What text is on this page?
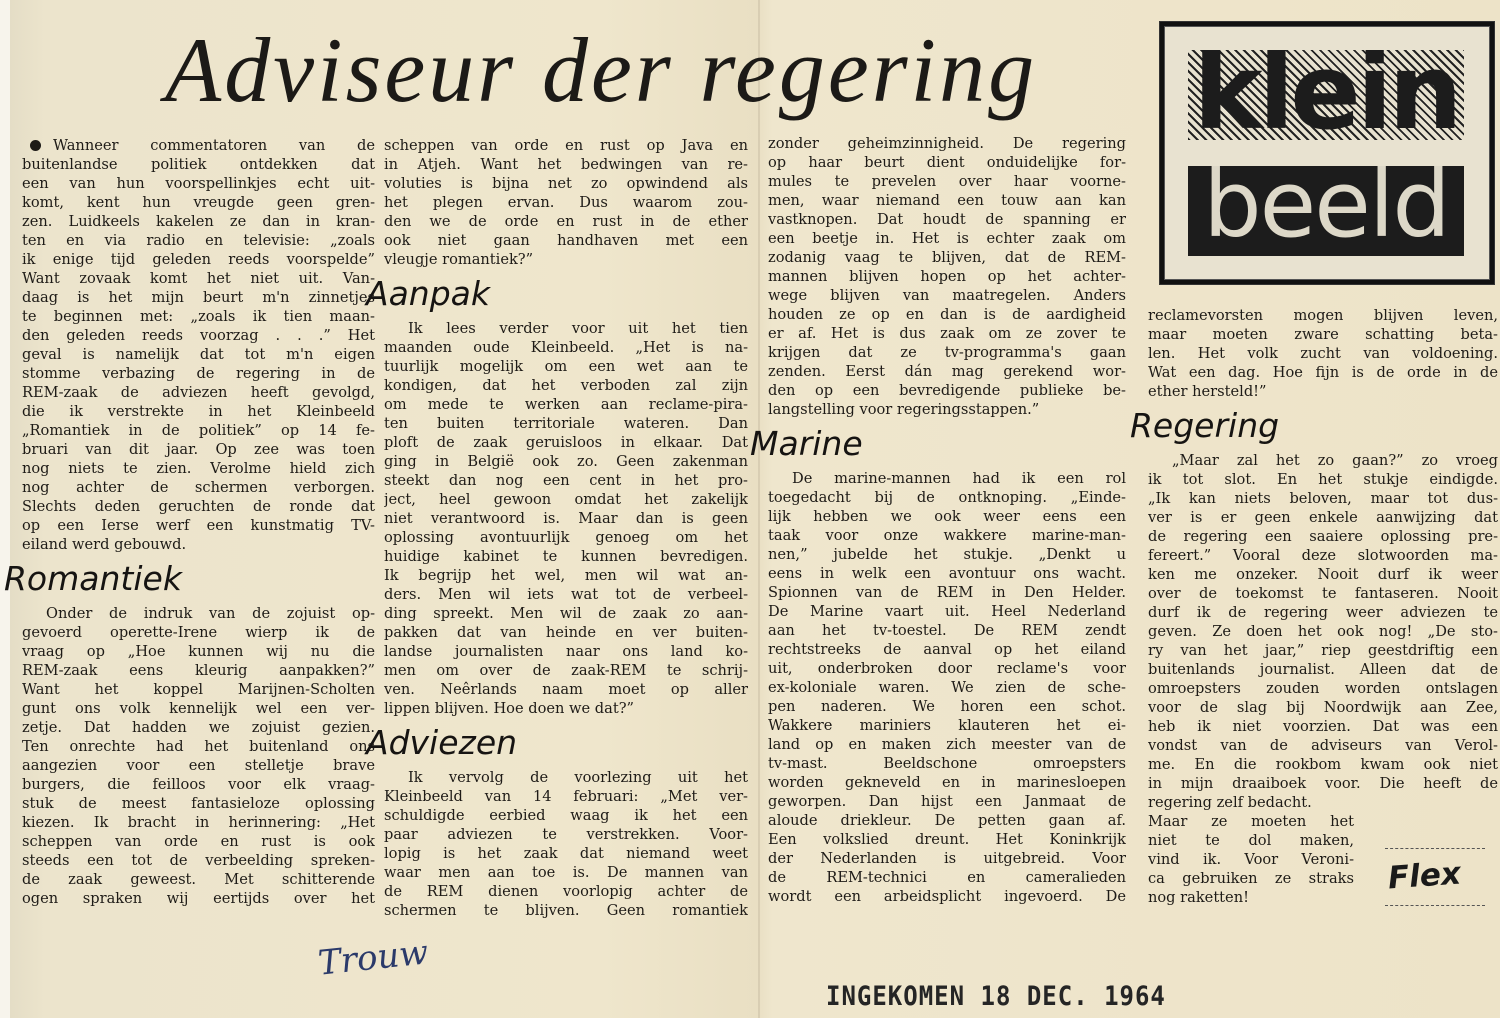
Adviseur der regering klein
beeld
Wanneer commentatoren van de
buitenlandse politiek ontdekken dat
een van hun voorspellinkjes echt uit-
komt, kent hun vreugde geen gren-
zen. Luidkeels kakelen ze dan in kran-
ten en via radio en televisie: „zoals
ik enige tijd geleden reeds voorspelde”
Want zovaak komt het niet uit. Van-
daag is het mijn beurt m'n zinnetjes
te beginnen met: „zoals ik tien maan-
den geleden reeds voorzag . . .” Het
geval is namelijk dat tot m'n eigen
stomme verbazing de regering in de
REM-zaak de adviezen heeft gevolgd,
die ik verstrekte in het Kleinbeeld
„Romantiek in de politiek” op 14 fe-
bruari van dit jaar. Op zee was toen
nog niets te zien. Verolme hield zich
nog achter de schermen verborgen.
Slechts deden geruchten de ronde dat
op een Ierse werf een kunstmatig TV-
eiland werd gebouwd.
Romantiek
Onder de indruk van de zojuist op-
gevoerd operette-Irene wierp ik de
vraag op „Hoe kunnen wij nu die
REM-zaak eens kleurig aanpakken?”
Want het koppel Marijnen-Scholten
gunt ons volk kennelijk wel een ver-
zetje. Dat hadden we zojuist gezien.
Ten onrechte had het buitenland ons
aangezien voor een stelletje brave
burgers, die feilloos voor elk vraag-
stuk de meest fantasieloze oplossing
kiezen. Ik bracht in herinnering: „Het
scheppen van orde en rust is ook
steeds een tot de verbeelding spreken-
de zaak geweest. Met schitterende
ogen spraken wij eertijds over het
scheppen van orde en rust op Java en
in Atjeh. Want het bedwingen van re-
voluties is bijna net zo opwindend als
het plegen ervan. Dus waarom zou-
den we de orde en rust in de ether
ook niet gaan handhaven met een
vleugje romantiek?”
Aanpak
Ik lees verder voor uit het tien
maanden oude Kleinbeeld. „Het is na-
tuurlijk mogelijk om een wet aan te
kondigen, dat het verboden zal zijn
om mede te werken aan reclame-pira-
ten buiten territoriale wateren. Dan
ploft de zaak geruisloos in elkaar. Dat
ging in België ook zo. Geen zakenman
steekt dan nog een cent in het pro-
ject, heel gewoon omdat het zakelijk
niet verantwoord is. Maar dan is geen
oplossing avontuurlijk genoeg om het
huidige kabinet te kunnen bevredigen.
Ik begrijp het wel, men wil wat an-
ders. Men wil iets wat tot de verbeel-
ding spreekt. Men wil de zaak zo aan-
pakken dat van heinde en ver buiten-
landse journalisten naar ons land ko-
men om over de zaak-REM te schrij-
ven. Neêrlands naam moet op aller
lippen blijven. Hoe doen we dat?”
Adviezen
Ik vervolg de voorlezing uit het
Kleinbeeld van 14 februari: „Met ver-
schuldigde eerbied waag ik het een
paar adviezen te verstrekken. Voor-
lopig is het zaak dat niemand weet
waar men aan toe is. De mannen van
de REM dienen voorlopig achter de
schermen te blijven. Geen romantiek
zonder geheimzinnigheid. De regering
op haar beurt dient onduidelijke for-
mules te prevelen over haar voorne-
men, waar niemand een touw aan kan
vastknopen. Dat houdt de spanning er
een beetje in. Het is echter zaak om
zodanig vaag te blijven, dat de REM-
mannen blijven hopen op het achter-
wege blijven van maatregelen. Anders
houden ze op en dan is de aardigheid
er af. Het is dus zaak om ze zover te
krijgen dat ze tv-programma's gaan
zenden. Eerst dán mag gerekend wor-
den op een bevredigende publieke be-
langstelling voor regeringsstappen.”
Marine
De marine-mannen had ik een rol
toegedacht bij de ontknoping. „Einde-
lijk hebben we ook weer eens een
taak voor onze wakkere marine-man-
nen,” jubelde het stukje. „Denkt u
eens in welk een avontuur ons wacht.
Spionnen van de REM in Den Helder.
De Marine vaart uit. Heel Nederland
aan het tv-toestel. De REM zendt
rechtstreeks de aanval op het eiland
uit, onderbroken door reclame's voor
ex-koloniale waren. We zien de sche-
pen naderen. We horen een schot.
Wakkere mariniers klauteren het ei-
land op en maken zich meester van de
tv-mast. Beeldschone omroepsters
worden gekneveld en in marinesloepen
geworpen. Dan hijst een Janmaat de
aloude driekleur. De petten gaan af.
Een volkslied dreunt. Het Koninkrijk
der Nederlanden is uitgebreid. Voor
de REM-technici en cameralieden
wordt een arbeidsplicht ingevoerd. De
reclamevorsten mogen blijven leven,
maar moeten zware schatting beta-
len. Het volk zucht van voldoening.
Wat een dag. Hoe fijn is de orde in de
ether hersteld!”
Regering
„Maar zal het zo gaan?” zo vroeg
ik tot slot. En het stukje eindigde.
„Ik kan niets beloven, maar tot dus-
ver is er geen enkele aanwijzing dat
de regering een saaiere oplossing pre-
fereert.” Vooral deze slotwoorden ma-
ken me onzeker. Nooit durf ik weer
over de toekomst te fantaseren. Nooit
durf ik de regering weer adviezen te
geven. Ze doen het ook nog! „De sto-
ry van het jaar,” riep geestdriftig een
buitenlands journalist. Alleen dat de
omroepsters zouden worden ontslagen
voor de slag bij Noordwijk aan Zee,
heb ik niet voorzien. Dat was een
vondst van de adviseurs van Verol-
me. En die rookbom kwam ook niet
in mijn draaiboek voor. Die heeft de
regering zelf bedacht.
Maar ze moeten het
niet te dol maken,
vind ik. Voor Veroni-
ca gebruiken ze straks
nog raketten!
Flex
Trouw
INGEKOMEN 18 DEC. 1964
